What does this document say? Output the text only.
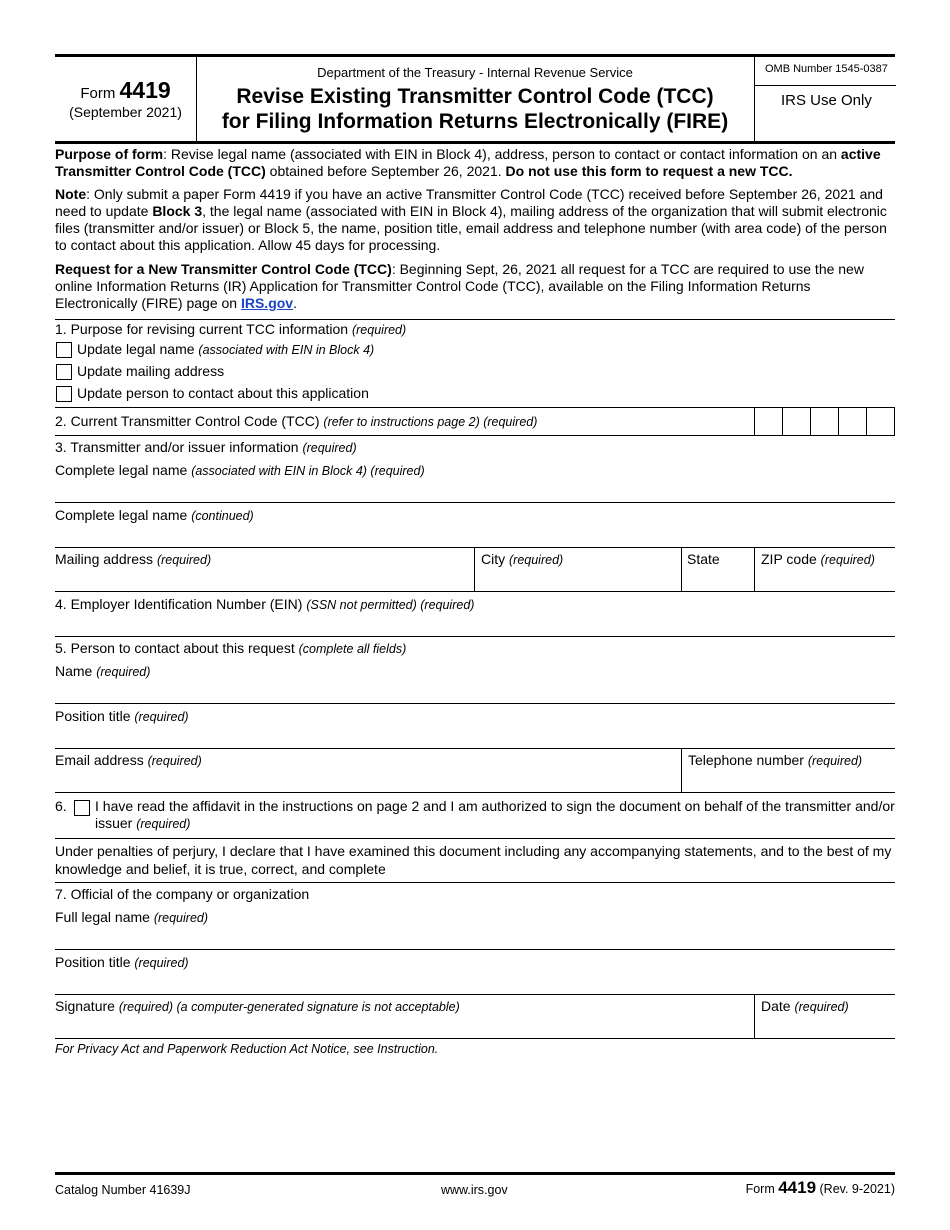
Form 4419
(September 2021)
Department of the Treasury - Internal Revenue Service
Revise Existing Transmitter Control Code (TCC)
for Filing Information Returns Electronically (FIRE)
OMB Number 1545-0387
IRS Use Only
Purpose of form: Revise legal name (associated with EIN in Block 4), address, person to contact or contact information on an active Transmitter Control Code (TCC) obtained before September 26, 2021. Do not use this form to request a new TCC.
Note: Only submit a paper Form 4419 if you have an active Transmitter Control Code (TCC) received before September 26, 2021 and need to update Block 3, the legal name (associated with EIN in Block 4), mailing address of the organization that will submit electronic files (transmitter and/or issuer) or Block 5, the name, position title, email address and telephone number (with area code) of the person to contact about this application. Allow 45 days for processing.
Request for a New Transmitter Control Code (TCC): Beginning Sept, 26, 2021 all request for a TCC are required to use the new online Information Returns (IR) Application for Transmitter Control Code (TCC), available on the Filing Information Returns Electronically (FIRE) page on IRS.gov.
1. Purpose for revising current TCC information (required)
Update legal name (associated with EIN in Block 4)
Update mailing address
Update person to contact about this application
2. Current Transmitter Control Code (TCC) (refer to instructions page 2) (required)
3. Transmitter and/or issuer information (required)
Complete legal name (associated with EIN in Block 4) (required)
Complete legal name (continued)
Mailing address (required)	City (required)	State	ZIP code (required)
4. Employer Identification Number (EIN) (SSN not permitted) (required)
5. Person to contact about this request (complete all fields)
Name (required)
Position title (required)
Email address (required)	Telephone number (required)
6. I have read the affidavit in the instructions on page 2 and I am authorized to sign the document on behalf of the transmitter and/or
issuer (required)
Under penalties of perjury, I declare that I have examined this document including any accompanying statements, and to the best of my knowledge and belief, it is true, correct, and complete
7. Official of the company or organization
Full legal name (required)
Position title (required)
Signature (required) (a computer-generated signature is not acceptable)	Date (required)
For Privacy Act and Paperwork Reduction Act Notice, see Instruction.
Catalog Number 41639J	www.irs.gov	Form 4419 (Rev. 9-2021)
